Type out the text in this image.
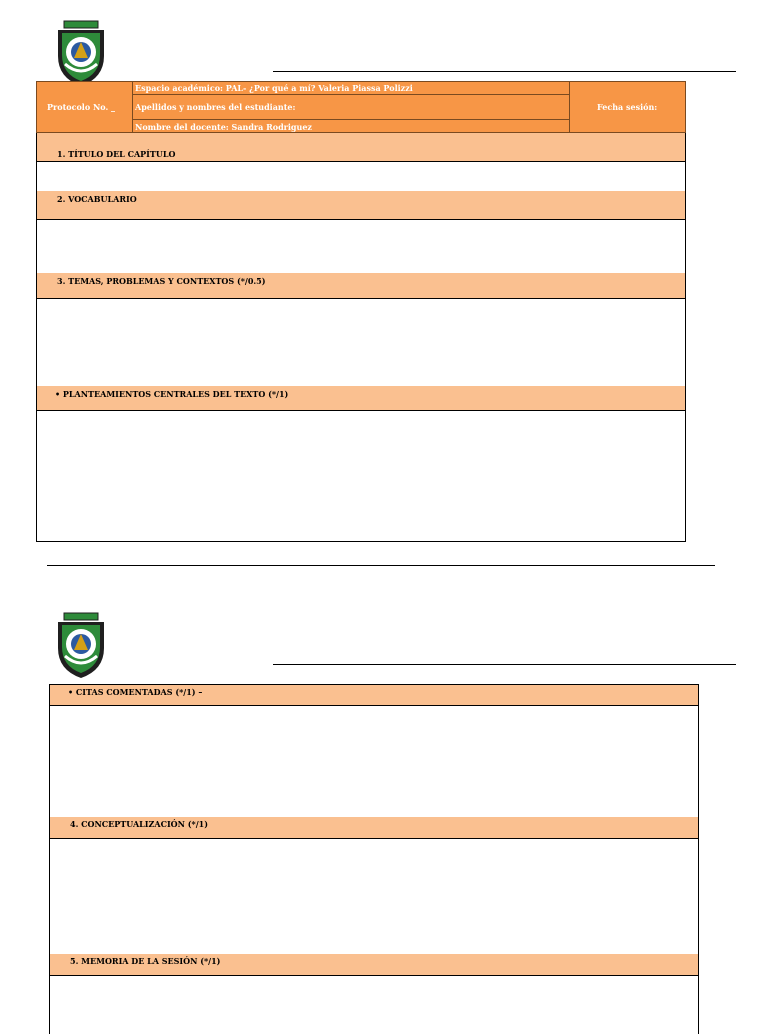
Protocolo No. _
Espacio académico: PAL- ¿Por qué a mí? Valeria Piassa Polizzi
Apellidos y nombres del estudiante:
Nombre del docente: Sandra Rodriguez
Fecha sesión:
1. TÍTULO DEL CAPÍTULO
2. VOCABULARIO
3. TEMAS, PROBLEMAS Y CONTEXTOS (*/0.5)
• PLANTEAMIENTOS CENTRALES DEL TEXTO (*/1)
• CITAS COMENTADAS (*/1) –
4. CONCEPTUALIZACIÓN (*/1)
5. MEMORIA DE LA SESIÓN (*/1)
